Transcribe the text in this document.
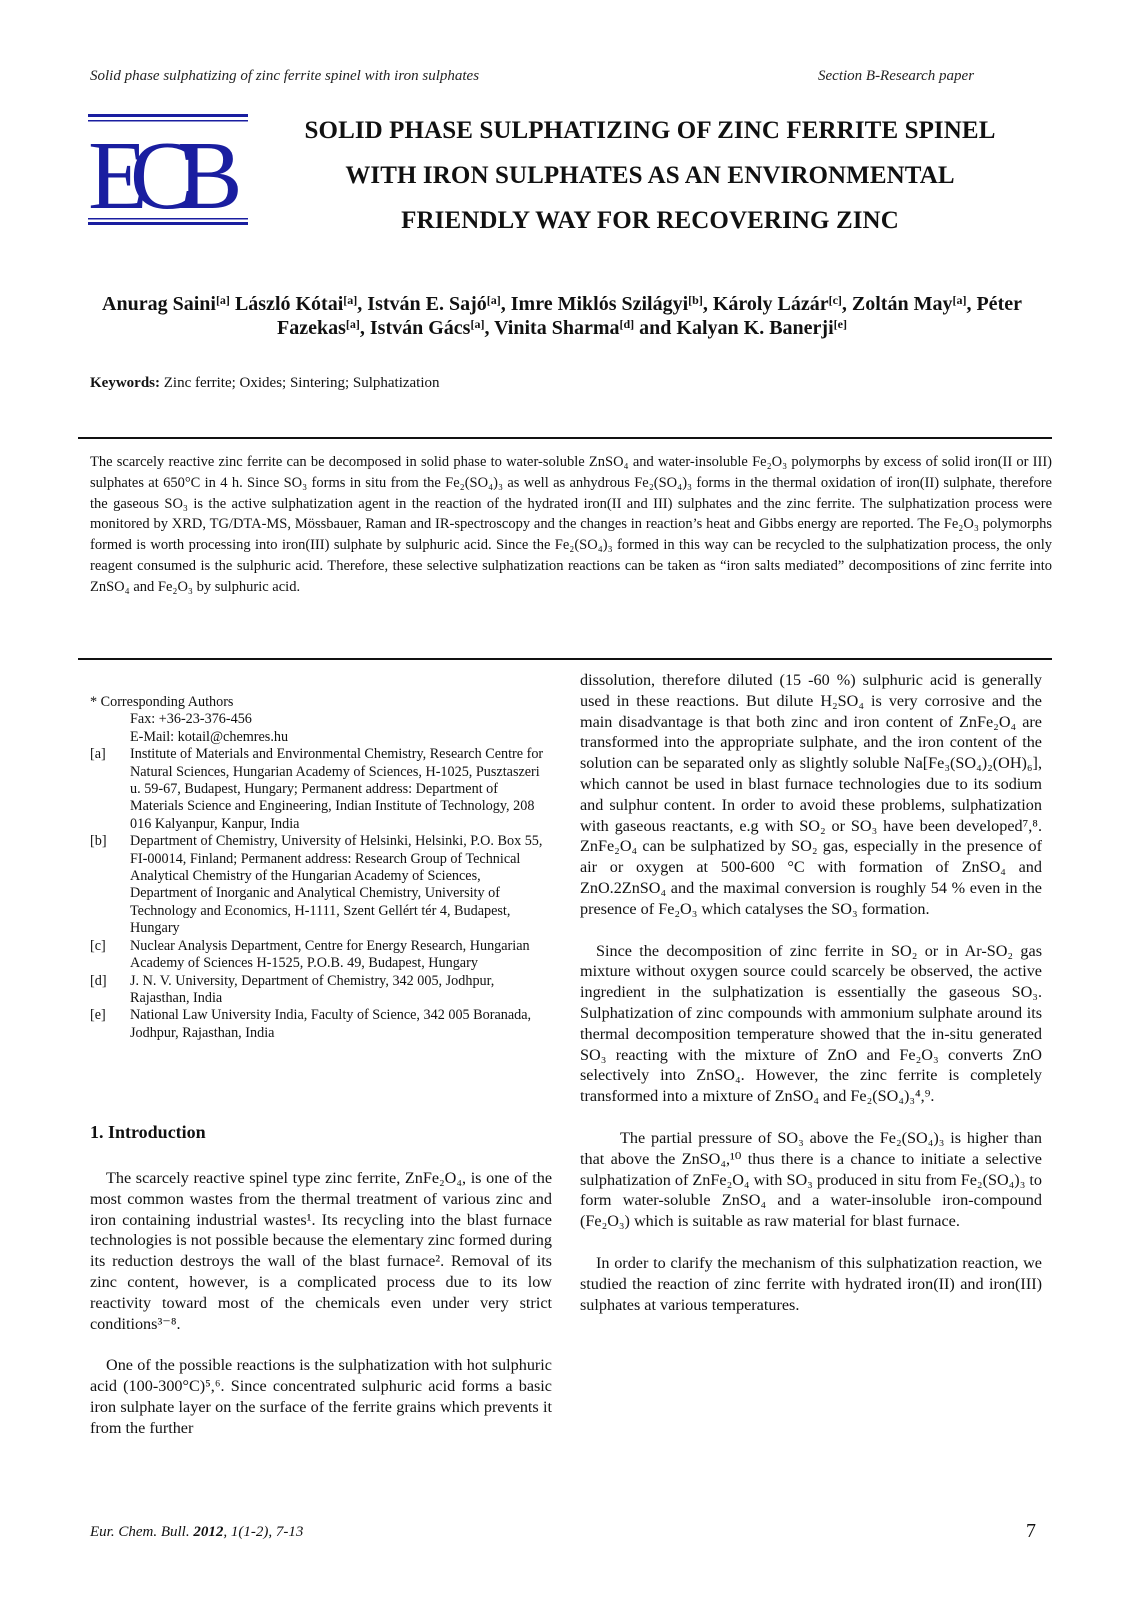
Solid phase sulphatizing of zinc ferrite spinel with iron sulphates	Section B-Research paper
ECB	SOLID PHASE SULPHATIZING OF ZINC FERRITE SPINEL
WITH IRON SULPHATES AS AN ENVIRONMENTAL
FRIENDLY WAY FOR RECOVERING ZINC
Anurag Saini[a] László Kótai[a], István E. Sajó[a], Imre Miklós Szilágyi[b], Károly Lázár[c], Zoltán May[a], Péter Fazekas[a], István Gács[a], Vinita Sharma[d] and Kalyan K. Banerji[e]
Keywords: Zinc ferrite; Oxides; Sintering; Sulphatization
The scarcely reactive zinc ferrite can be decomposed in solid phase to water-soluble ZnSO₄ and water-insoluble Fe₂O₃ polymorphs by excess of solid iron(II or III) sulphates at 650°C in 4 h. Since SO₃ forms in situ from the Fe₂(SO₄)₃ as well as anhydrous Fe₂(SO₄)₃ forms in the thermal oxidation of iron(II) sulphate, therefore the gaseous SO₃ is the active sulphatization agent in the reaction of the hydrated iron(II and III) sulphates and the zinc ferrite. The sulphatization process were monitored by XRD, TG/DTA-MS, Mössbauer, Raman and IR-spectroscopy and the changes in reaction’s heat and Gibbs energy are reported. The Fe₂O₃ polymorphs formed is worth processing into iron(III) sulphate by sulphuric acid. Since the Fe₂(SO₄)₃ formed in this way can be recycled to the sulphatization process, the only reagent consumed is the sulphuric acid. Therefore, these selective sulphatization reactions can be taken as “iron salts mediated” decompositions of zinc ferrite into ZnSO₄ and Fe₂O₃ by sulphuric acid.
* Corresponding Authors
Fax: +36-23-376-456
E-Mail: kotail@chemres.hu
[a]	Institute of Materials and Environmental Chemistry, Research Centre for Natural Sciences, Hungarian Academy of Sciences, H-1025, Pusztaszeri u. 59-67, Budapest, Hungary; Permanent address: Department of Materials Science and Engineering, Indian Institute of Technology, 208 016 Kalyanpur, Kanpur, India
[b]	Department of Chemistry, University of Helsinki, Helsinki, P.O. Box 55, FI-00014, Finland; Permanent address: Research Group of Technical Analytical Chemistry of the Hungarian Academy of Sciences, Department of Inorganic and Analytical Chemistry, University of Technology and Economics, H-1111, Szent Gellért tér 4, Budapest, Hungary
[c]	Nuclear Analysis Department, Centre for Energy Research, Hungarian Academy of Sciences H-1525, P.O.B. 49, Budapest, Hungary
[d]	J. N. V. University, Department of Chemistry, 342 005, Jodhpur, Rajasthan, India
[e]	National Law University India, Faculty of Science, 342 005 Boranada, Jodhpur, Rajasthan, India
1. Introduction

The scarcely reactive spinel type zinc ferrite, ZnFe₂O₄, is one of the most common wastes from the thermal treatment of various zinc and iron containing industrial wastes¹. Its recycling into the blast furnace technologies is not possible because the elementary zinc formed during its reduction destroys the wall of the blast furnace². Removal of its zinc content, however, is a complicated process due to its low reactivity toward most of the chemicals even under very strict conditions³⁻⁸.

One of the possible reactions is the sulphatization with hot sulphuric acid (100-300°C)⁵,⁶. Since concentrated sulphuric acid forms a basic iron sulphate layer on the surface of the ferrite grains which prevents it from the further

dissolution, therefore diluted (15 -60 %) sulphuric acid is generally used in these reactions. But dilute H₂SO₄ is very corrosive and the main disadvantage is that both zinc and iron content of ZnFe₂O₄ are transformed into the appropriate sulphate, and the iron content of the solution can be separated only as slightly soluble Na[Fe₃(SO₄)₂(OH)₆], which cannot be used in blast furnace technologies due to its sodium and sulphur content. In order to avoid these problems, sulphatization with gaseous reactants, e.g with SO₂ or SO₃ have been developed⁷,⁸. ZnFe₂O₄ can be sulphatized by SO₂ gas, especially in the presence of air or oxygen at 500-600 °C with formation of ZnSO₄ and ZnO.2ZnSO₄ and the maximal conversion is roughly 54 % even in the presence of Fe₂O₃ which catalyses the SO₃ formation.

Since the decomposition of zinc ferrite in SO₂ or in Ar-SO₂ gas mixture without oxygen source could scarcely be observed, the active ingredient in the sulphatization is essentially the gaseous SO₃. Sulphatization of zinc compounds with ammonium sulphate around its thermal decomposition temperature showed that the in-situ generated SO₃ reacting with the mixture of ZnO and Fe₂O₃ converts ZnO selectively into ZnSO₄. However, the zinc ferrite is completely transformed into a mixture of ZnSO₄ and Fe₂(SO₄)₃⁴,⁹.

The partial pressure of SO₃ above the Fe₂(SO₄)₃ is higher than that above the ZnSO₄,¹⁰ thus there is a chance to initiate a selective sulphatization of ZnFe₂O₄ with SO₃ produced in situ from Fe₂(SO₄)₃ to form water-soluble ZnSO₄ and a water-insoluble iron-compound (Fe₂O₃) which is suitable as raw material for blast furnace.

In order to clarify the mechanism of this sulphatization reaction, we studied the reaction of zinc ferrite with hydrated iron(II) and iron(III) sulphates at various temperatures.

Eur. Chem. Bull. 2012, 1(1-2), 7-13	7
